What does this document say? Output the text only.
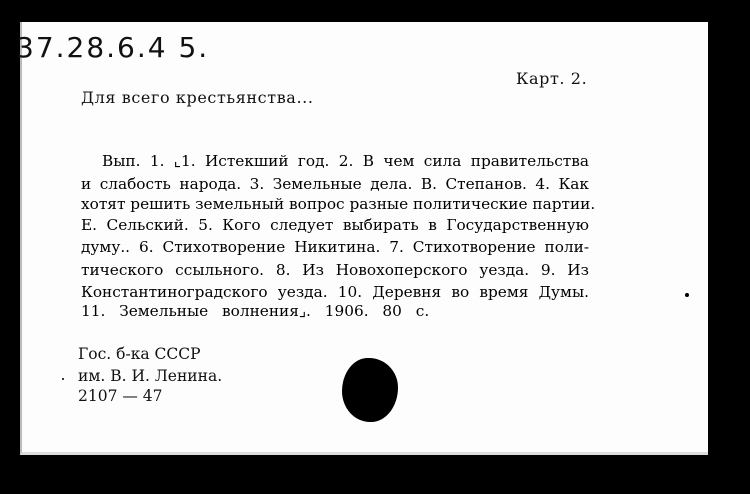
37.28.6.4 5.
Карт. 2.
Для всего крестьянства...
Вып. 1. ⌞1. Истекший год. 2. В чем сила правительства
и слабость народа. 3. Земельные дела. В. Степанов. 4. Как
хотят решить земельный вопрос разные политические партии.
Е. Сельский. 5. Кого следует выбирать в Государственную
думу.. 6. Стихотворение Никитина. 7. Стихотворение поли-
тического ссыльного. 8. Из Новохоперского уезда. 9. Из
Константиноградского уезда. 10. Деревня во время Думы.
11. Земельные волнения⌟. 1906. 80 с.
Гос. б-ка СССР
им. В. И. Ленина.
2107 — 47
